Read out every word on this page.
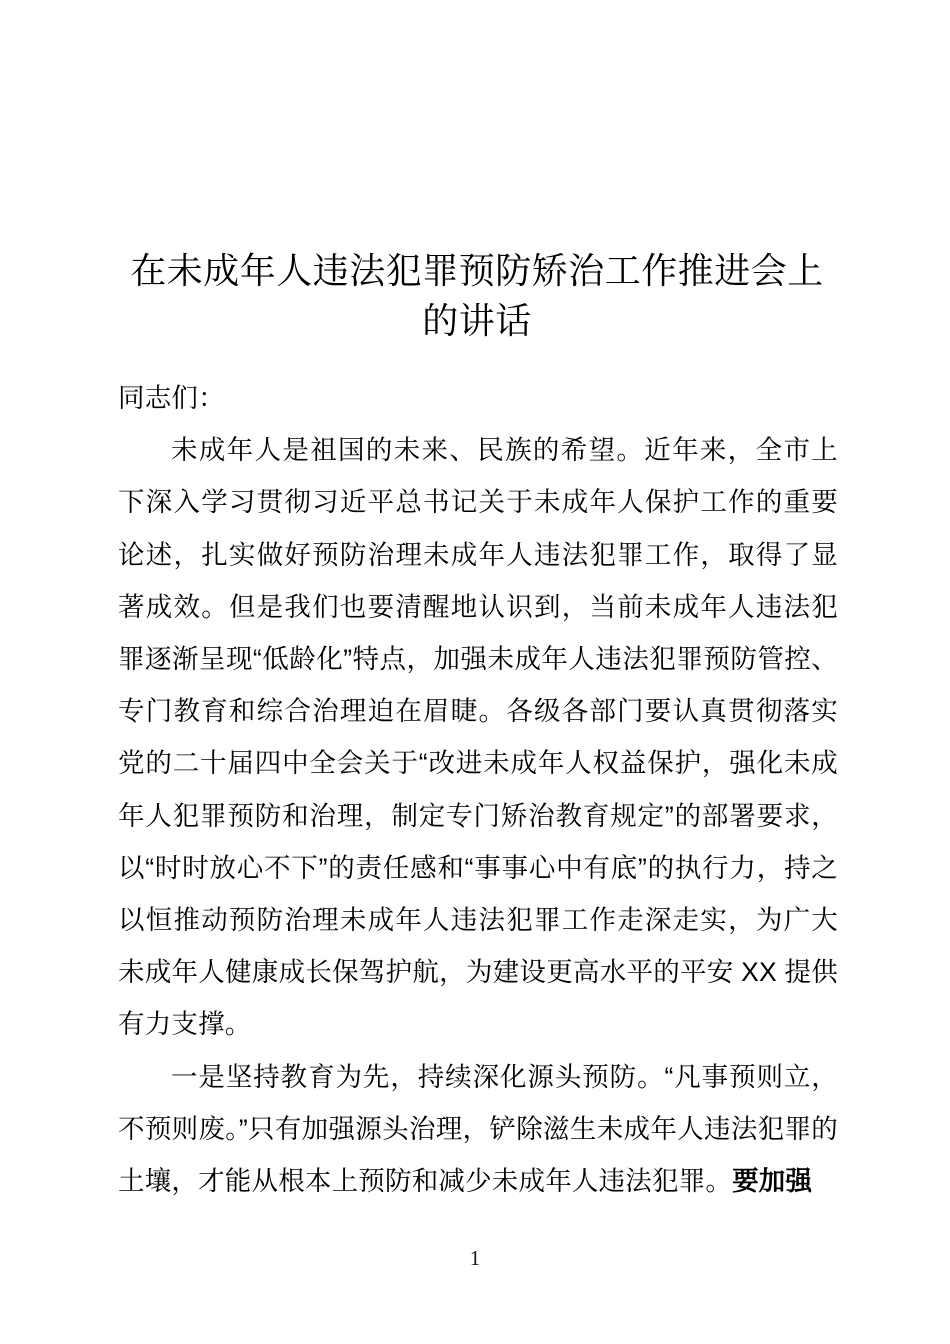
在未成年人违法犯罪预防矫治工作推进会上的讲话

同志们：

未成年人是祖国的未来、民族的希望。近年来，全市上下深入学习贯彻习近平总书记关于未成年人保护工作的重要论述，扎实做好预防治理未成年人违法犯罪工作，取得了显著成效。但是我们也要清醒地认识到，当前未成年人违法犯罪逐渐呈现“低龄化”特点，加强未成年人违法犯罪预防管控、专门教育和综合治理迫在眉睫。各级各部门要认真贯彻落实党的二十届四中全会关于“改进未成年人权益保护，强化未成年人犯罪预防和治理，制定专门矫治教育规定”的部署要求，以“时时放心不下”的责任感和“事事心中有底”的执行力，持之以恒推动预防治理未成年人违法犯罪工作走深走实，为广大未成年人健康成长保驾护航，为建设更高水平的平安 XX 提供有力支撑。

一是坚持教育为先，持续深化源头预防。“凡事预则立，不预则废。”只有加强源头治理，铲除滋生未成年人违法犯罪的土壤，才能从根本上预防和减少未成年人违法犯罪。要加强

1
